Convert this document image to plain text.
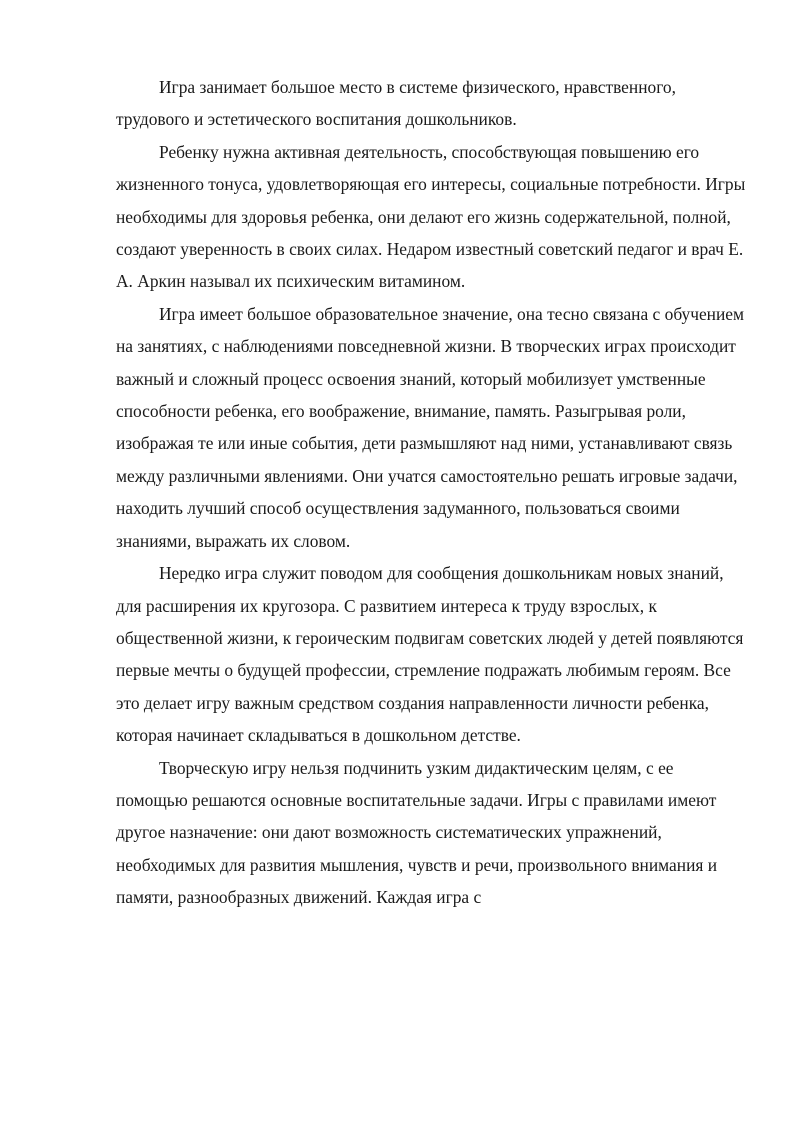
Игра занимает большое место в системе физического, нравственного, трудового и эстетического воспитания дошкольников.

Ребенку нужна активная деятельность, способствующая повышению его жизненного тонуса, удовлетворяющая его интересы, социальные потребности. Игры необходимы для здоровья ребенка, они делают его жизнь содержательной, полной, создают уверенность в своих силах. Недаром известный советский педагог и врач Е. А. Аркин называл их психическим витамином.

Игра имеет большое образовательное значение, она тесно связана с обучением на занятиях, с наблюдениями повседневной жизни. В творческих играх происходит важный и сложный процесс освоения знаний, который мобилизует умственные способности ребенка, его воображение, внимание, память. Разыгрывая роли, изображая те или иные события, дети размышляют над ними, устанавливают связь между различными явлениями. Они учатся самостоятельно решать игровые задачи, находить лучший способ осуществления задуманного, пользоваться своими знаниями, выражать их словом.

Нередко игра служит поводом для сообщения дошкольникам новых знаний, для расширения их кругозора. С развитием интереса к труду взрослых, к общественной жизни, к героическим подвигам советских людей у детей появляются первые мечты о будущей профессии, стремление подражать любимым героям. Все это делает игру важным средством создания направленности личности ребенка, которая начинает складываться в дошкольном детстве.

Творческую игру нельзя подчинить узким дидактическим целям, с ее помощью решаются основные воспитательные задачи. Игры с правилами имеют другое назначение: они дают возможность систематических упражнений, необходимых для развития мышления, чувств и речи, произвольного внимания и памяти, разнообразных движений. Каждая игра с
